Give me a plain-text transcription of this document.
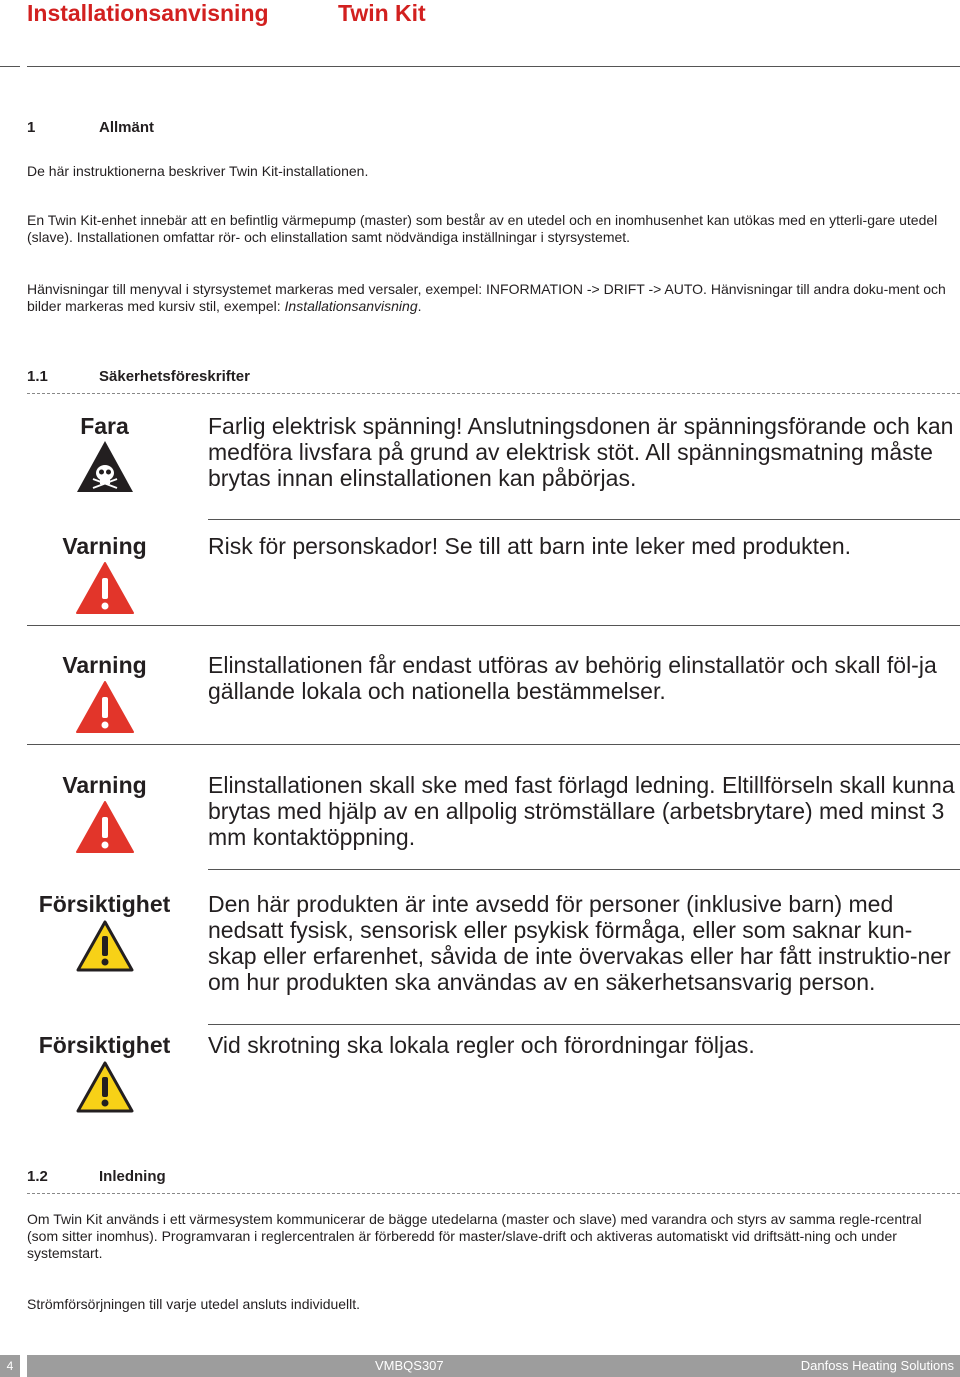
Installationsanvisning	Twin Kit
1	Allmänt
De här instruktionerna beskriver Twin Kit-installationen.
En Twin Kit-enhet innebär att en befintlig värmepump (master) som består av en utedel och en inomhusenhet kan utökas med en ytterli-gare utedel (slave). Installationen omfattar rör- och elinstallation samt nödvändiga inställningar i styrsystemet.
Hänvisningar till menyval i styrsystemet markeras med versaler, exempel: INFORMATION -> DRIFT -> AUTO. Hänvisningar till andra doku-ment och bilder markeras med kursiv stil, exempel: Installationsanvisning.
1.1	Säkerhetsföreskrifter
Fara	Farlig elektrisk spänning! Anslutningsdonen är spänningsförande och kan medföra livsfara på grund av elektrisk stöt. All spänningsmatning måste brytas innan elinstallationen kan påbörjas.
Varning	Risk för personskador! Se till att barn inte leker med produkten.
Varning	Elinstallationen får endast utföras av behörig elinstallatör och skall föl-ja gällande lokala och nationella bestämmelser.
Varning	Elinstallationen skall ske med fast förlagd ledning. Eltillförseln skall kunna brytas med hjälp av en allpolig strömställare (arbetsbrytare) med minst 3 mm kontaktöppning.
Försiktighet	Den här produkten är inte avsedd för personer (inklusive barn) med nedsatt fysisk, sensorisk eller psykisk förmåga, eller som saknar kun-skap eller erfarenhet, såvida de inte övervakas eller har fått instruktio-ner om hur produkten ska användas av en säkerhetsansvarig person.
Försiktighet	Vid skrotning ska lokala regler och förordningar följas.
1.2	Inledning
Om Twin Kit används i ett värmesystem kommunicerar de bägge utedelarna (master och slave) med varandra och styrs av samma regle-rcentral (som sitter inomhus). Programvaran i reglercentralen är förberedd för master/slave-drift och aktiveras automatiskt vid driftsätt-ning och under systemstart.
Strömförsörjningen till varje utedel ansluts individuellt.
4	VMBQS307	Danfoss Heating Solutions
